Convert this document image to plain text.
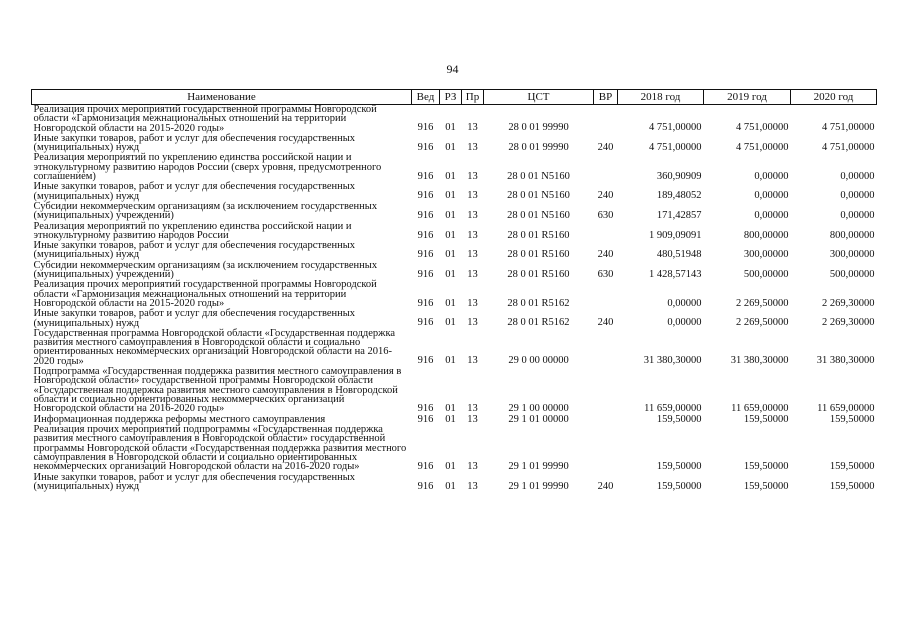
94
Наименование	Вед	РЗ	Пр	ЦСТ	ВР	2018 год	2019 год	2020 год
Реализация прочих мероприятий государственной программы Новгородской области «Гармонизация межнациональных отношений на территории Новгородской области на 2015-2020 годы»	916	01	13	28 0 01 99990		4 751,00000	4 751,00000	4 751,00000
Иные закупки товаров, работ и услуг для обеспечения государственных (муниципальных) нужд	916	01	13	28 0 01 99990	240	4 751,00000	4 751,00000	4 751,00000
Реализация мероприятий по укреплению единства российской нации и этнокультурному развитию народов России (сверх уровня, предусмотренного соглашением)	916	01	13	28 0 01 N5160		360,90909	0,00000	0,00000
Иные закупки товаров, работ и услуг для обеспечения государственных (муниципальных) нужд	916	01	13	28 0 01 N5160	240	189,48052	0,00000	0,00000
Субсидии некоммерческим организациям (за исключением государственных (муниципальных) учреждений)	916	01	13	28 0 01 N5160	630	171,42857	0,00000	0,00000
Реализация мероприятий по укреплению единства российской нации и этнокультурному развитию народов России	916	01	13	28 0 01 R5160		1 909,09091	800,00000	800,00000
Иные закупки товаров, работ и услуг для обеспечения государственных (муниципальных) нужд	916	01	13	28 0 01 R5160	240	480,51948	300,00000	300,00000
Субсидии некоммерческим организациям (за исключением государственных (муниципальных) учреждений)	916	01	13	28 0 01 R5160	630	1 428,57143	500,00000	500,00000
Реализация прочих мероприятий государственной программы Новгородской области «Гармонизация межнациональных отношений на территории Новгородской области на 2015-2020 годы»	916	01	13	28 0 01 R5162		0,00000	2 269,50000	2 269,30000
Иные закупки товаров, работ и услуг для обеспечения государственных (муниципальных) нужд	916	01	13	28 0 01 R5162	240	0,00000	2 269,50000	2 269,30000
Государственная программа Новгородской области «Государственная поддержка развития местного самоуправления в Новгородской области и социально ориентированных некоммерческих организаций Новгородской области на 2016-2020 годы»	916	01	13	29 0 00 00000		31 380,30000	31 380,30000	31 380,30000
Подпрограмма «Государственная поддержка развития местного самоуправления в Новгородской области» государственной программы Новгородской области «Государственная поддержка развития местного самоуправления в Новгородской области и социально ориентированных некоммерческих организаций Новгородской области на 2016-2020 годы»	916	01	13	29 1 00 00000		11 659,00000	11 659,00000	11 659,00000
Информационная поддержка реформы местного самоуправления	916	01	13	29 1 01 00000		159,50000	159,50000	159,50000
Реализация прочих мероприятий подпрограммы «Государственная поддержка развития местного самоуправления в Новгородской области» государственной программы Новгородской области «Государственная поддержка развития местного самоуправления в Новгородской области и социально ориентированных некоммерческих организаций Новгородской области на 2016-2020 годы»	916	01	13	29 1 01 99990		159,50000	159,50000	159,50000
Иные закупки товаров, работ и услуг для обеспечения государственных (муниципальных) нужд	916	01	13	29 1 01 99990	240	159,50000	159,50000	159,50000
